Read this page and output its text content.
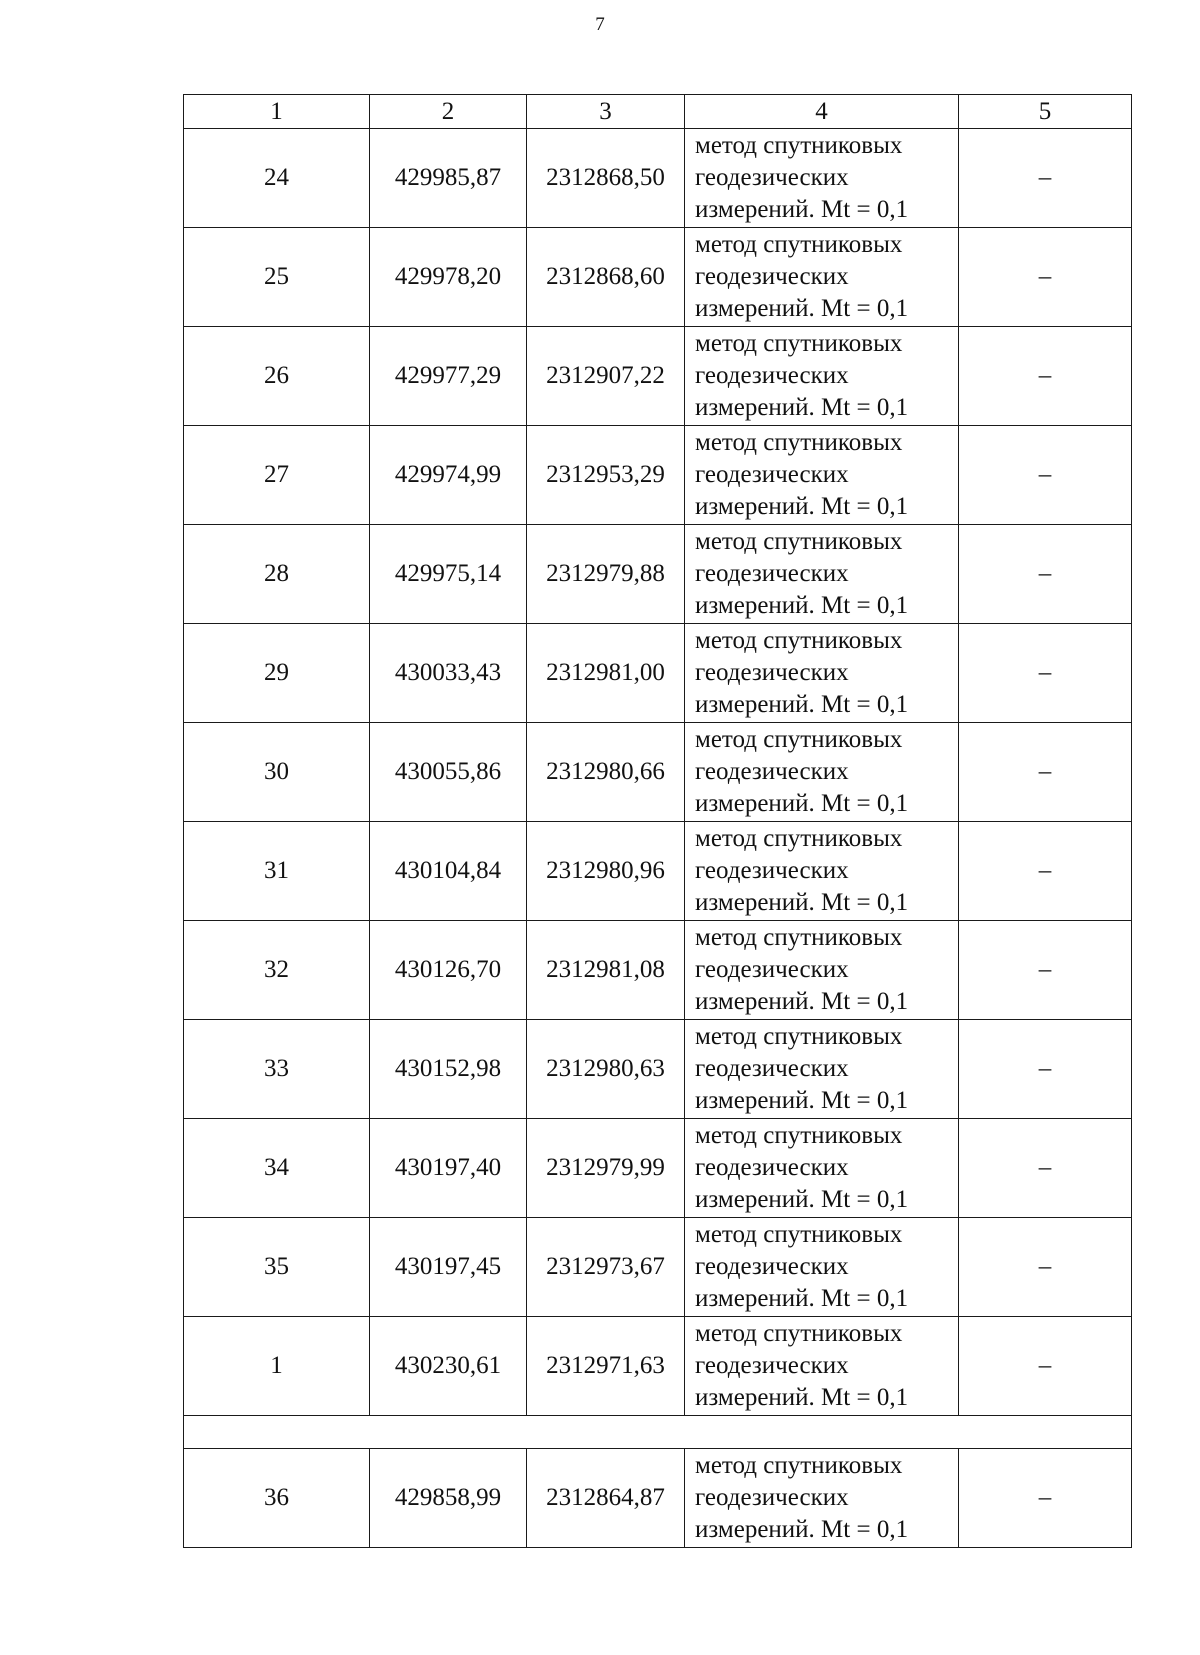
7
1	2	3	4	5
24	429985,87	2312868,50	метод спутниковых
геодезических
измерений. Mt = 0,1	–
25	429978,20	2312868,60	метод спутниковых
геодезических
измерений. Mt = 0,1	–
26	429977,29	2312907,22	метод спутниковых
геодезических
измерений. Mt = 0,1	–
27	429974,99	2312953,29	метод спутниковых
геодезических
измерений. Mt = 0,1	–
28	429975,14	2312979,88	метод спутниковых
геодезических
измерений. Mt = 0,1	–
29	430033,43	2312981,00	метод спутниковых
геодезических
измерений. Mt = 0,1	–
30	430055,86	2312980,66	метод спутниковых
геодезических
измерений. Mt = 0,1	–
31	430104,84	2312980,96	метод спутниковых
геодезических
измерений. Mt = 0,1	–
32	430126,70	2312981,08	метод спутниковых
геодезических
измерений. Mt = 0,1	–
33	430152,98	2312980,63	метод спутниковых
геодезических
измерений. Mt = 0,1	–
34	430197,40	2312979,99	метод спутниковых
геодезических
измерений. Mt = 0,1	–
35	430197,45	2312973,67	метод спутниковых
геодезических
измерений. Mt = 0,1	–
1	430230,61	2312971,63	метод спутниковых
геодезических
измерений. Mt = 0,1	–

36	429858,99	2312864,87	метод спутниковых
геодезических
измерений. Mt = 0,1	–
